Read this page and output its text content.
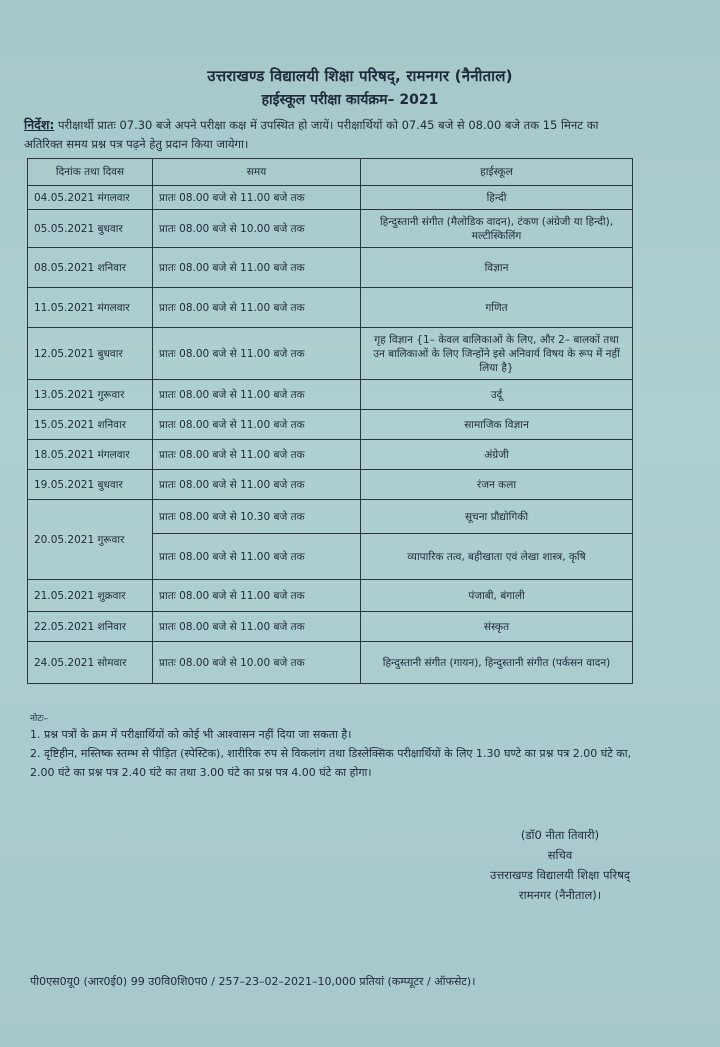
उत्तराखण्ड विद्यालयी शिक्षा परिषद्, रामनगर (नैनीताल)
हाईस्कूल परीक्षा कार्यक्रम– 2021
निर्देश: परीक्षार्थी प्रातः 07.30 बजे अपने परीक्षा कक्ष में उपस्थित हो जायें। परीक्षार्थियों को 07.45 बजे से 08.00 बजे तक 15 मिनट का अतिरिक्त समय प्रश्न पत्र पढ़ने हेतु प्रदान किया जायेगा।
दिनांक तथा दिवस	समय	हाईस्कूल
04.05.2021 मंगलवार	प्रातः 08.00 बजे से 11.00 बजे तक	हिन्दी
05.05.2021 बुधवार	प्रातः 08.00 बजे से 10.00 बजे तक	हिन्दुस्तानी संगीत (मैलोडिक वादन), टंकण (अंग्रेजी या हिन्दी), मल्टीस्किलिंग
08.05.2021 शनिवार	प्रातः 08.00 बजे से 11.00 बजे तक	विज्ञान
11.05.2021 मंगलवार	प्रातः 08.00 बजे से 11.00 बजे तक	गणित
12.05.2021 बुधवार	प्रातः 08.00 बजे से 11.00 बजे तक	गृह विज्ञान {1– केवल बालिकाओं के लिए, और 2– बालकों तथा उन बालिकाओं के लिए जिन्होंने इसे अनिवार्य विषय के रूप में नहीं लिया है}
13.05.2021 गुरूवार	प्रातः 08.00 बजे से 11.00 बजे तक	उर्दू
15.05.2021 शनिवार	प्रातः 08.00 बजे से 11.00 बजे तक	सामाजिक विज्ञान
18.05.2021 मंगलवार	प्रातः 08.00 बजे से 11.00 बजे तक	अंग्रेजी
19.05.2021 बुधवार	प्रातः 08.00 बजे से 11.00 बजे तक	रंजन कला
20.05.2021 गुरूवार	प्रातः 08.00 बजे से 10.30 बजे तक	सूचना प्रौद्योगिकी
	प्रातः 08.00 बजे से 11.00 बजे तक	व्यापारिक तत्व, बहीखाता एवं लेखा शास्त्र, कृषि
21.05.2021 शुक्रवार	प्रातः 08.00 बजे से 11.00 बजे तक	पंजाबी, बंगाली
22.05.2021 शनिवार	प्रातः 08.00 बजे से 11.00 बजे तक	संस्कृत
24.05.2021 सोमवार	प्रातः 08.00 बजे से 10.00 बजे तक	हिन्दुस्तानी संगीत (गायन), हिन्दुस्तानी संगीत (पर्कसन वादन)
नोटः–
1. प्रश्न पत्रों के क्रम में परीक्षार्थियों को कोई भी आश्वासन नहीं दिया जा सकता है।
2. दृष्टिहीन, मस्तिष्क स्तम्भ से पीड़ित (स्पेस्टिक), शारीरिक रुप से विकलांग तथा डिस्लेक्सिक परीक्षार्थियों के लिए 1.30 घण्टे का प्रश्न पत्र 2.00 घंटे का, 2.00 घंटे का प्रश्न पत्र 2.40 घंटे का तथा 3.00 घंटे का प्रश्न पत्र 4.00 घंटे का होगा।
(डॉ0 नीता तिवारी)
सचिव
उत्तराखण्ड विद्यालयी शिक्षा परिषद्
रामनगर (नैनीताल)।
पी0एस0यू0 (आर0ई0) 99 उ0वि0शि0प0 / 257–23–02–2021–10,000 प्रतियां (कम्प्यूटर / ऑफसेट)।
